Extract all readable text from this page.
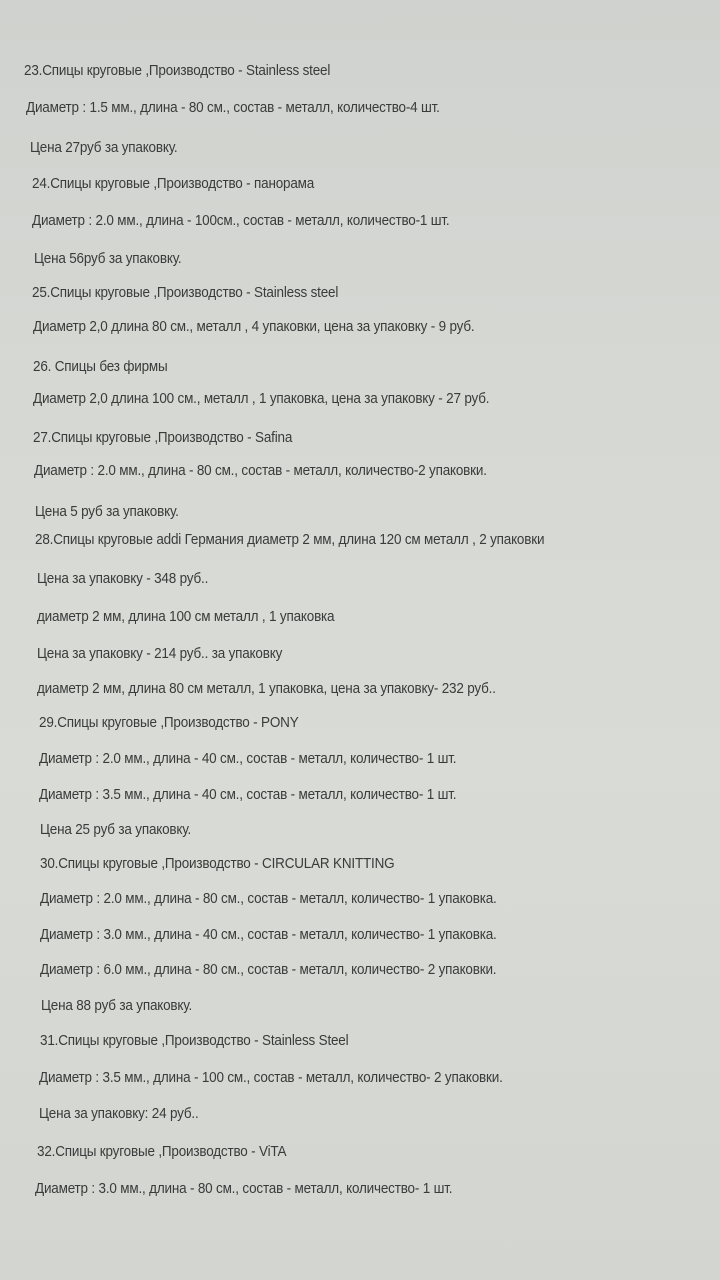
23.Спицы круговые ,Производство - Stainless steel
Диаметр : 1.5 мм., длина - 80 см., состав - металл, количество-4 шт.
Цена 27руб за упаковку.
24.Спицы круговые ,Производство - панорама
Диаметр : 2.0 мм., длина - 100см., состав - металл, количество-1 шт.
Цена 56руб за упаковку.
25.Спицы круговые ,Производство - Stainless steel
Диаметр 2,0 длина 80 см., металл , 4 упаковки, цена за упаковку - 9 руб.
26. Спицы без фирмы
Диаметр 2,0 длина 100 см., металл , 1 упаковка, цена за упаковку - 27 руб.
27.Спицы круговые ,Производство - Safina
Диаметр : 2.0 мм., длина - 80 см., состав - металл, количество-2 упаковки.
Цена 5 руб за упаковку.
28.Спицы круговые addi Германия диаметр 2 мм, длина 120 см металл , 2 упаковки
Цена за упаковку - 348 руб..
диаметр 2 мм, длина 100 см металл , 1 упаковка
Цена за упаковку - 214 руб.. за упаковку
диаметр 2 мм, длина 80 см металл, 1 упаковка, цена за упаковку- 232 руб..
29.Спицы круговые ,Производство - PONY
Диаметр : 2.0 мм., длина - 40 см., состав - металл, количество- 1 шт.
Диаметр : 3.5 мм., длина - 40 см., состав - металл, количество- 1 шт.
Цена 25 руб за упаковку.
30.Спицы круговые ,Производство - CIRCULAR KNITTING
Диаметр : 2.0 мм., длина - 80 см., состав - металл, количество- 1 упаковка.
Диаметр : 3.0 мм., длина - 40 см., состав - металл, количество- 1 упаковка.
Диаметр : 6.0 мм., длина - 80 см., состав - металл, количество- 2 упаковки.
Цена 88 руб за упаковку.
31.Спицы круговые ,Производство - Stainless Steel
Диаметр : 3.5 мм., длина - 100 см., состав - металл, количество- 2 упаковки.
Цена за упаковку: 24 руб..
32.Спицы круговые ,Производство - ViTA
Диаметр : 3.0 мм., длина - 80 см., состав - металл, количество- 1 шт.
